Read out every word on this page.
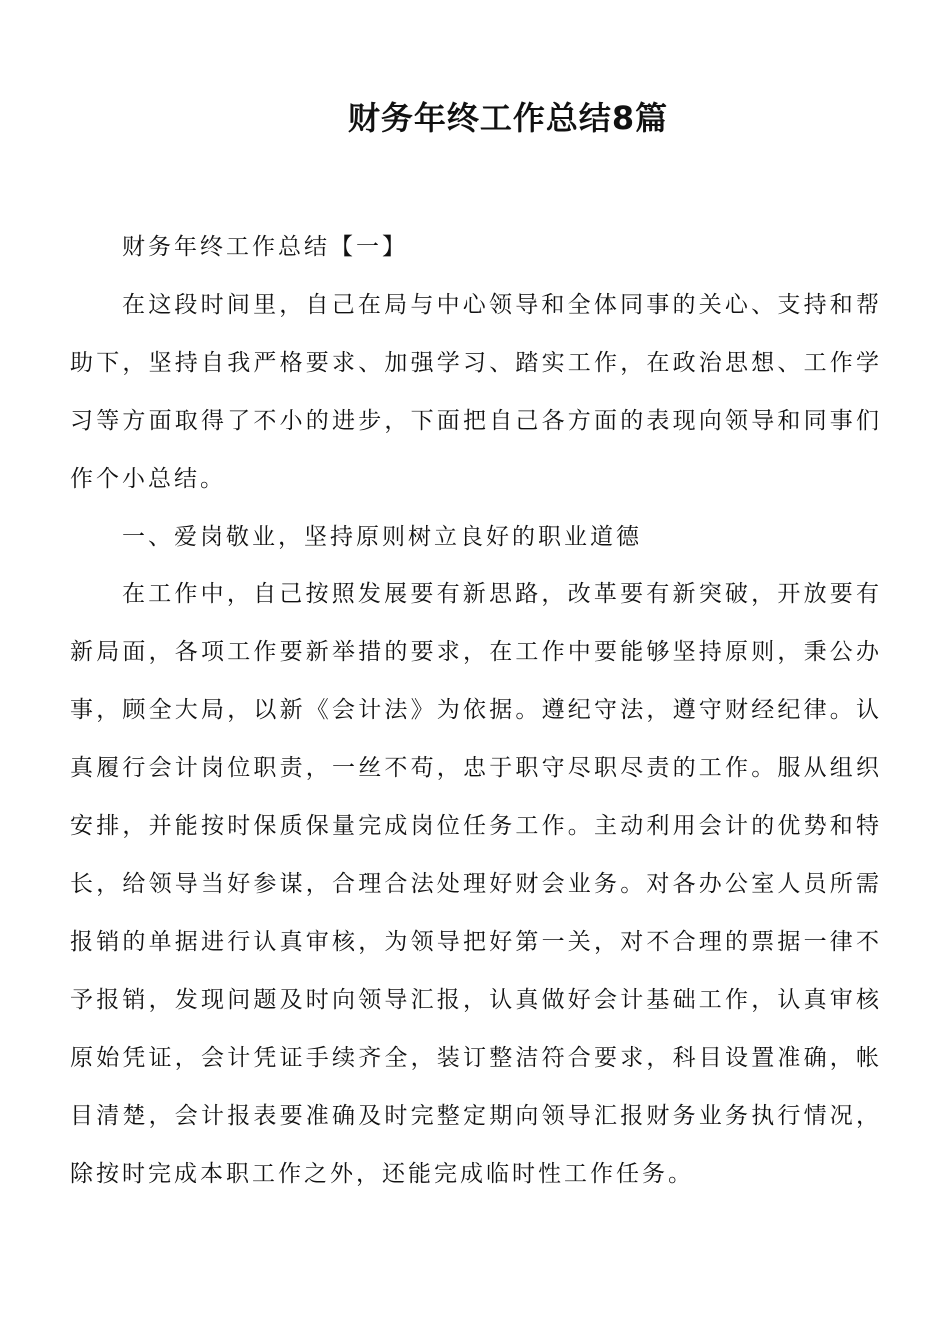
财务年终工作总结8篇

财务年终工作总结【一】

在这段时间里，自己在局与中心领导和全体同事的关心、支持和帮助下，坚持自我严格要求、加强学习、踏实工作，在政治思想、工作学习等方面取得了不小的进步，下面把自己各方面的表现向领导和同事们作个小总结。

一、爱岗敬业，坚持原则树立良好的职业道德

在工作中，自己按照发展要有新思路，改革要有新突破，开放要有新局面，各项工作要新举措的要求，在工作中要能够坚持原则，秉公办事，顾全大局，以新《会计法》为依据。遵纪守法，遵守财经纪律。认真履行会计岗位职责，一丝不苟，忠于职守尽职尽责的工作。服从组织安排，并能按时保质保量完成岗位任务工作。主动利用会计的优势和特长，给领导当好参谋，合理合法处理好财会业务。对各办公室人员所需报销的单据进行认真审核，为领导把好第一关，对不合理的票据一律不予报销，发现问题及时向领导汇报，认真做好会计基础工作，认真审核原始凭证，会计凭证手续齐全，装订整洁符合要求，科目设置准确，帐目清楚，会计报表要准确及时完整定期向领导汇报财务业务执行情况，除按时完成本职工作之外，还能完成临时性工作任务。
